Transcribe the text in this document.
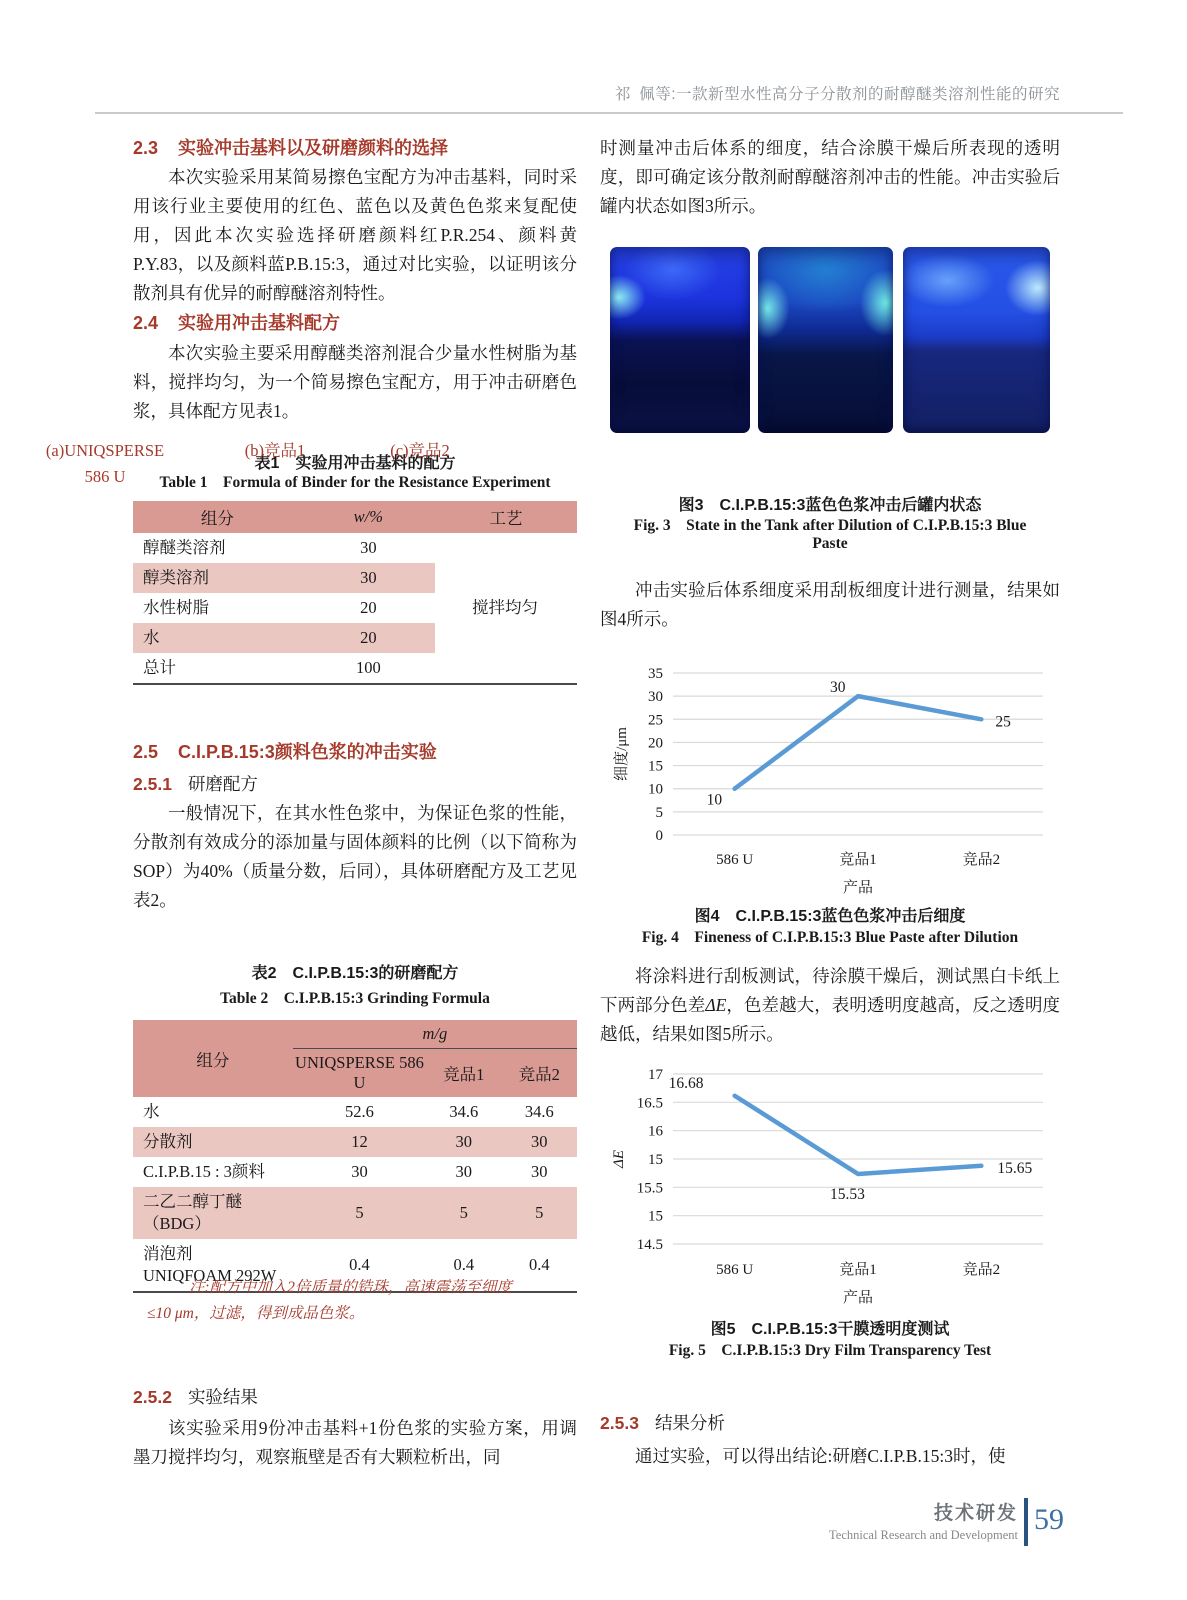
祁 佩等:一款新型水性高分子分散剂的耐醇醚类溶剂性能的研究
2.3 实验冲击基料以及研磨颜料的选择
本次实验采用某简易擦色宝配方为冲击基料，同时采用该行业主要使用的红色、蓝色以及黄色色浆来复配使用，因此本次实验选择研磨颜料红P.R.254、颜料黄P.Y.83，以及颜料蓝P.B.15:3，通过对比实验，以证明该分散剂具有优异的耐醇醚溶剂特性。
2.4 实验用冲击基料配方
本次实验主要采用醇醚类溶剂混合少量水性树脂为基料，搅拌均匀，为一个简易擦色宝配方，用于冲击研磨色浆，具体配方见表1。
表1 实验用冲击基料的配方
Table 1 Formula of Binder for the Resistance Experiment
组分	w/%	工艺
醇醚类溶剂	30	搅拌均匀
醇类溶剂	30	
水性树脂	20	
水	20	
总计	100	
2.5 C.I.P.B.15:3颜料色浆的冲击实验
2.5.1 研磨配方
一般情况下，在其水性色浆中，为保证色浆的性能，分散剂有效成分的添加量与固体颜料的比例（以下简称为SOP）为40%（质量分数，后同），具体研磨配方及工艺见表2。
表2 C.I.P.B.15:3的研磨配方
Table 2 C.I.P.B.15:3 Grinding Formula
组分	m/g		
	UNIQSPERSE 586 U	竞品1	竞品2

水	52.6	34.6	34.6

分散剂	12	30	30

C.I.P.B.15 : 3颜料	30	30	30

二乙二醇丁醚
（BDG）	5	5	5

消泡剂
UNIQFOAM 292W	0.4	0.4	0.4
注:配方中加入2倍质量的锆珠，高速震荡至细度
≤10 μm，过滤，得到成品色浆。
2.5.2 实验结果
该实验采用9份冲击基料+1份色浆的实验方案，用调墨刀搅拌均匀，观察瓶壁是否有大颗粒析出，同
时测量冲击后体系的细度，结合涂膜干燥后所表现的透明度，即可确定该分散剂耐醇醚溶剂冲击的性能。冲击实验后罐内状态如图3所示。
(a)UNIQSPERSE
586 U
(b)竞品1	(c)竞品2
图3 C.I.P.B.15:3蓝色色浆冲击后罐内状态
Fig. 3 State in the Tank after Dilution of C.I.P.B.15:3 Blue
Paste
冲击实验后体系细度采用刮板细度计进行测量，结果如图4所示。
35
30
25
20
15
10
5
0
586 U	竞品1	竞品2
产品
细度/μm
10
30
25
图4 C.I.P.B.15:3蓝色色浆冲击后细度
Fig. 4 Fineness of C.I.P.B.15:3 Blue Paste after Dilution
将涂料进行刮板测试，待涂膜干燥后，测试黑白卡纸上下两部分色差ΔE，色差越大，表明透明度越高，反之透明度越低，结果如图5所示。
17
16.5
16
15
15.5
15
14.5
586 U	竞品1	竞品2
产品
ΔE
16.68
15.53
15.65
图5 C.I.P.B.15:3干膜透明度测试
Fig. 5 C.I.P.B.15:3 Dry Film Transparency Test
2.5.3 结果分析
通过实验，可以得出结论:研磨C.I.P.B.15:3时，使
技术研发
Technical Research and Development 59
